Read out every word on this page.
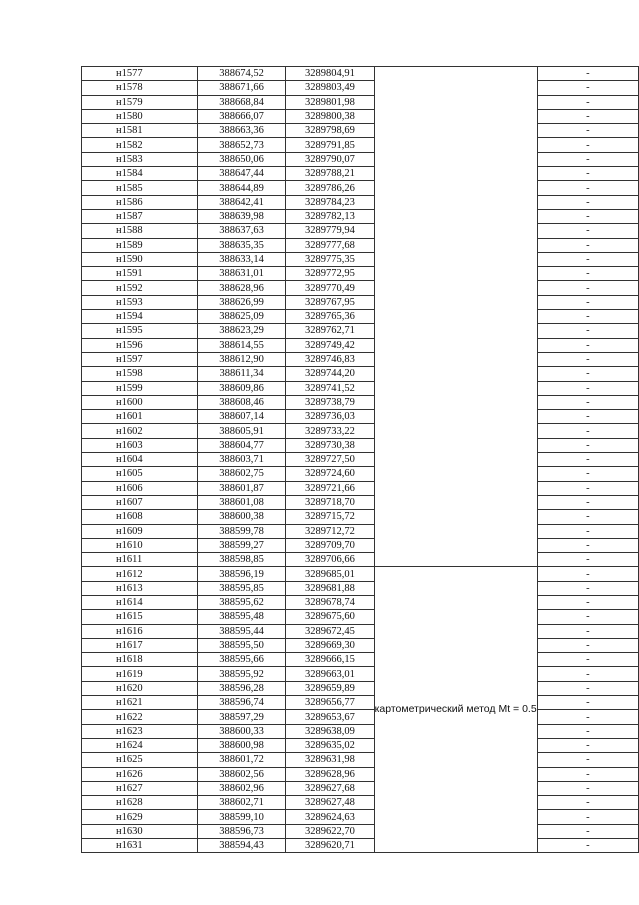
н1577	388674,52	3289804,91		-
н1578	388671,66	3289803,49		-
н1579	388668,84	3289801,98		-
н1580	388666,07	3289800,38		-
н1581	388663,36	3289798,69		-
н1582	388652,73	3289791,85		-
н1583	388650,06	3289790,07		-
н1584	388647,44	3289788,21		-
н1585	388644,89	3289786,26		-
н1586	388642,41	3289784,23		-
н1587	388639,98	3289782,13		-
н1588	388637,63	3289779,94		-
н1589	388635,35	3289777,68		-
н1590	388633,14	3289775,35		-
н1591	388631,01	3289772,95		-
н1592	388628,96	3289770,49		-
н1593	388626,99	3289767,95		-
н1594	388625,09	3289765,36		-
н1595	388623,29	3289762,71		-
н1596	388614,55	3289749,42		-
н1597	388612,90	3289746,83		-
н1598	388611,34	3289744,20		-
н1599	388609,86	3289741,52		-
н1600	388608,46	3289738,79		-
н1601	388607,14	3289736,03		-
н1602	388605,91	3289733,22		-
н1603	388604,77	3289730,38		-
н1604	388603,71	3289727,50		-
н1605	388602,75	3289724,60		-
н1606	388601,87	3289721,66		-
н1607	388601,08	3289718,70		-
н1608	388600,38	3289715,72		-
н1609	388599,78	3289712,72		-
н1610	388599,27	3289709,70		-
н1611	388598,85	3289706,66		-
н1612	388596,19	3289685,01	картометрический метод Mt = 0.5	-
н1613	388595,85	3289681,88		-
н1614	388595,62	3289678,74		-
н1615	388595,48	3289675,60		-
н1616	388595,44	3289672,45		-
н1617	388595,50	3289669,30		-
н1618	388595,66	3289666,15		-
н1619	388595,92	3289663,01		-
н1620	388596,28	3289659,89		-
н1621	388596,74	3289656,77		-
н1622	388597,29	3289653,67		-
н1623	388600,33	3289638,09		-
н1624	388600,98	3289635,02		-
н1625	388601,72	3289631,98		-
н1626	388602,56	3289628,96		-
н1627	388602,96	3289627,68		-
н1628	388602,71	3289627,48		-
н1629	388599,10	3289624,63		-
н1630	388596,73	3289622,70		-
н1631	388594,43	3289620,71		-
